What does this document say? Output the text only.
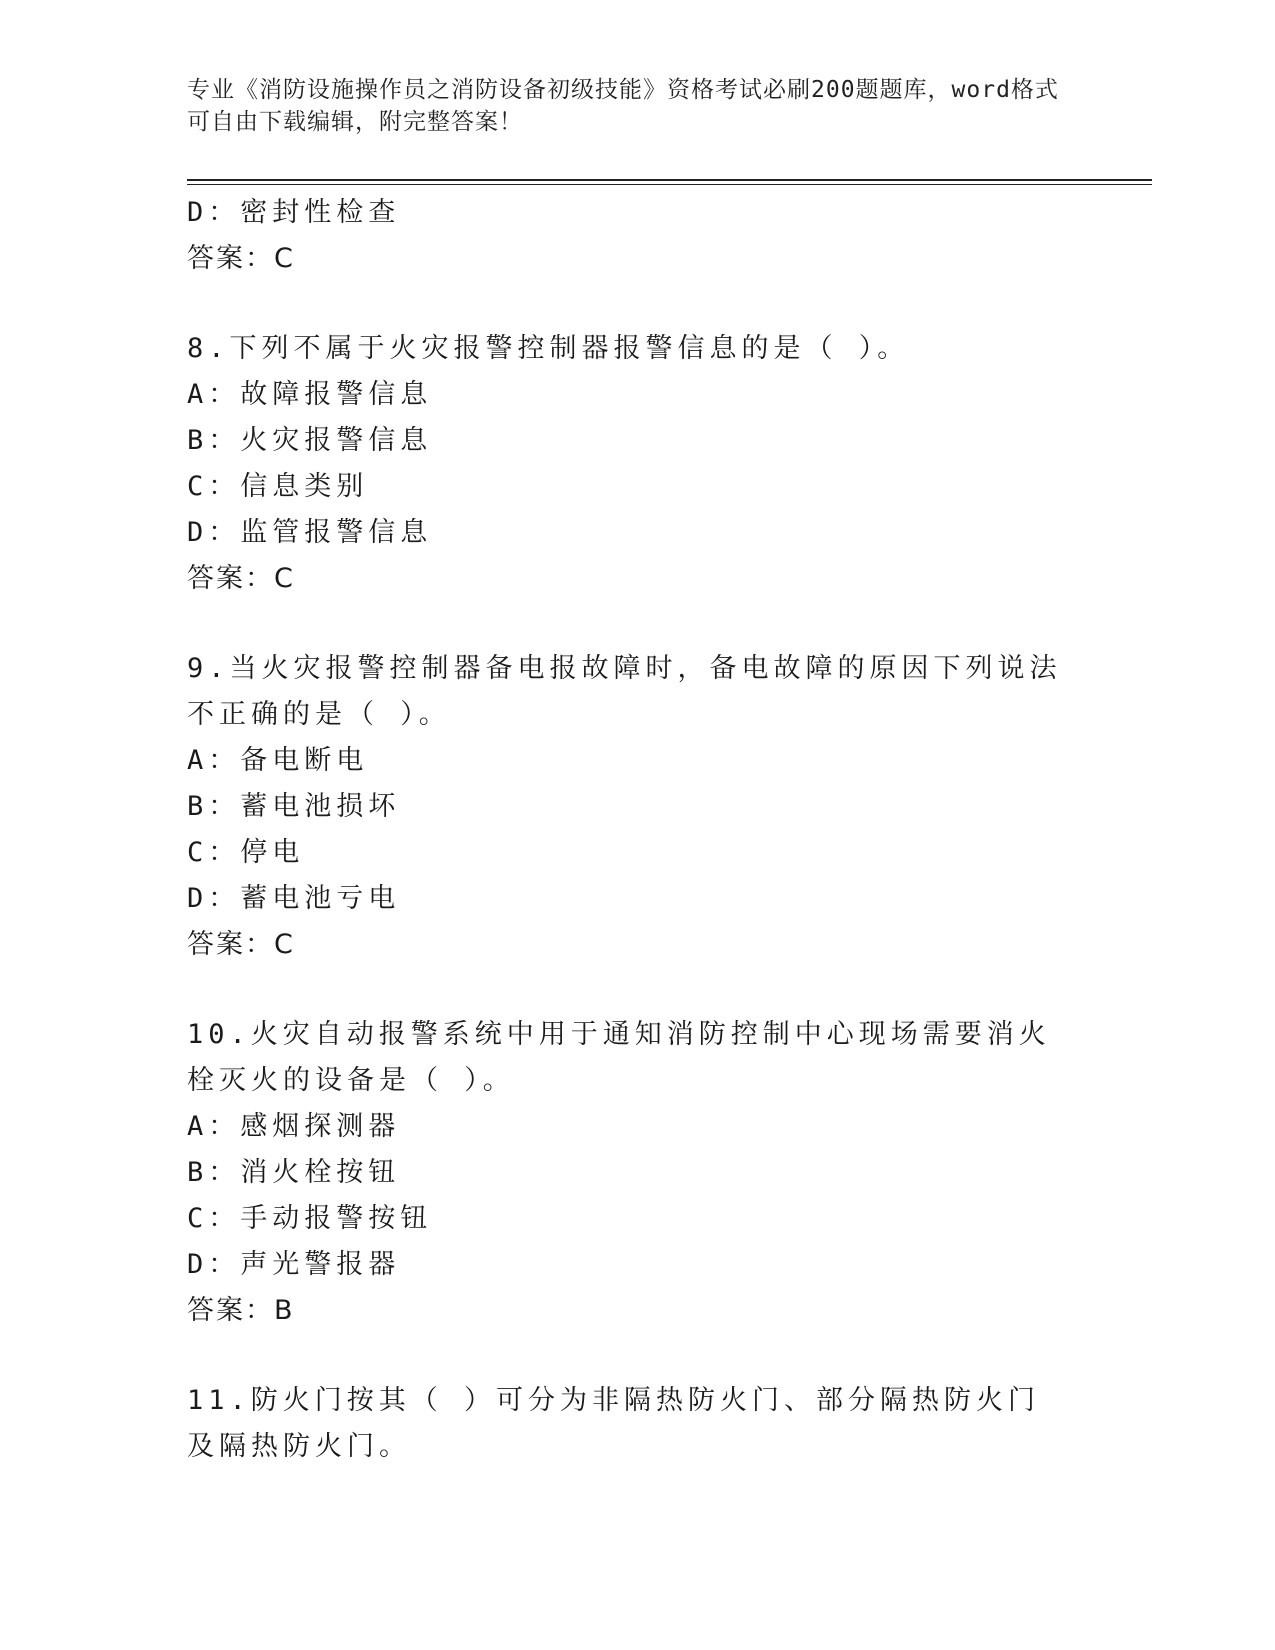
专业《消防设施操作员之消防设备初级技能》资格考试必刷200题题库，word格式可自由下载编辑，附完整答案！
D：密封性检查
答案：C
8.下列不属于火灾报警控制器报警信息的是（ ）。
A：故障报警信息
B：火灾报警信息
C：信息类别
D：监管报警信息
答案：C
9.当火灾报警控制器备电报故障时，备电故障的原因下列说法不正确的是（ ）。
A：备电断电
B：蓄电池损坏
C：停电
D：蓄电池亏电
答案：C
10.火灾自动报警系统中用于通知消防控制中心现场需要消火栓灭火的设备是（ ）。
A：感烟探测器
B：消火栓按钮
C：手动报警按钮
D：声光警报器
答案：B
11.防火门按其（ ）可分为非隔热防火门、部分隔热防火门及隔热防火门。
